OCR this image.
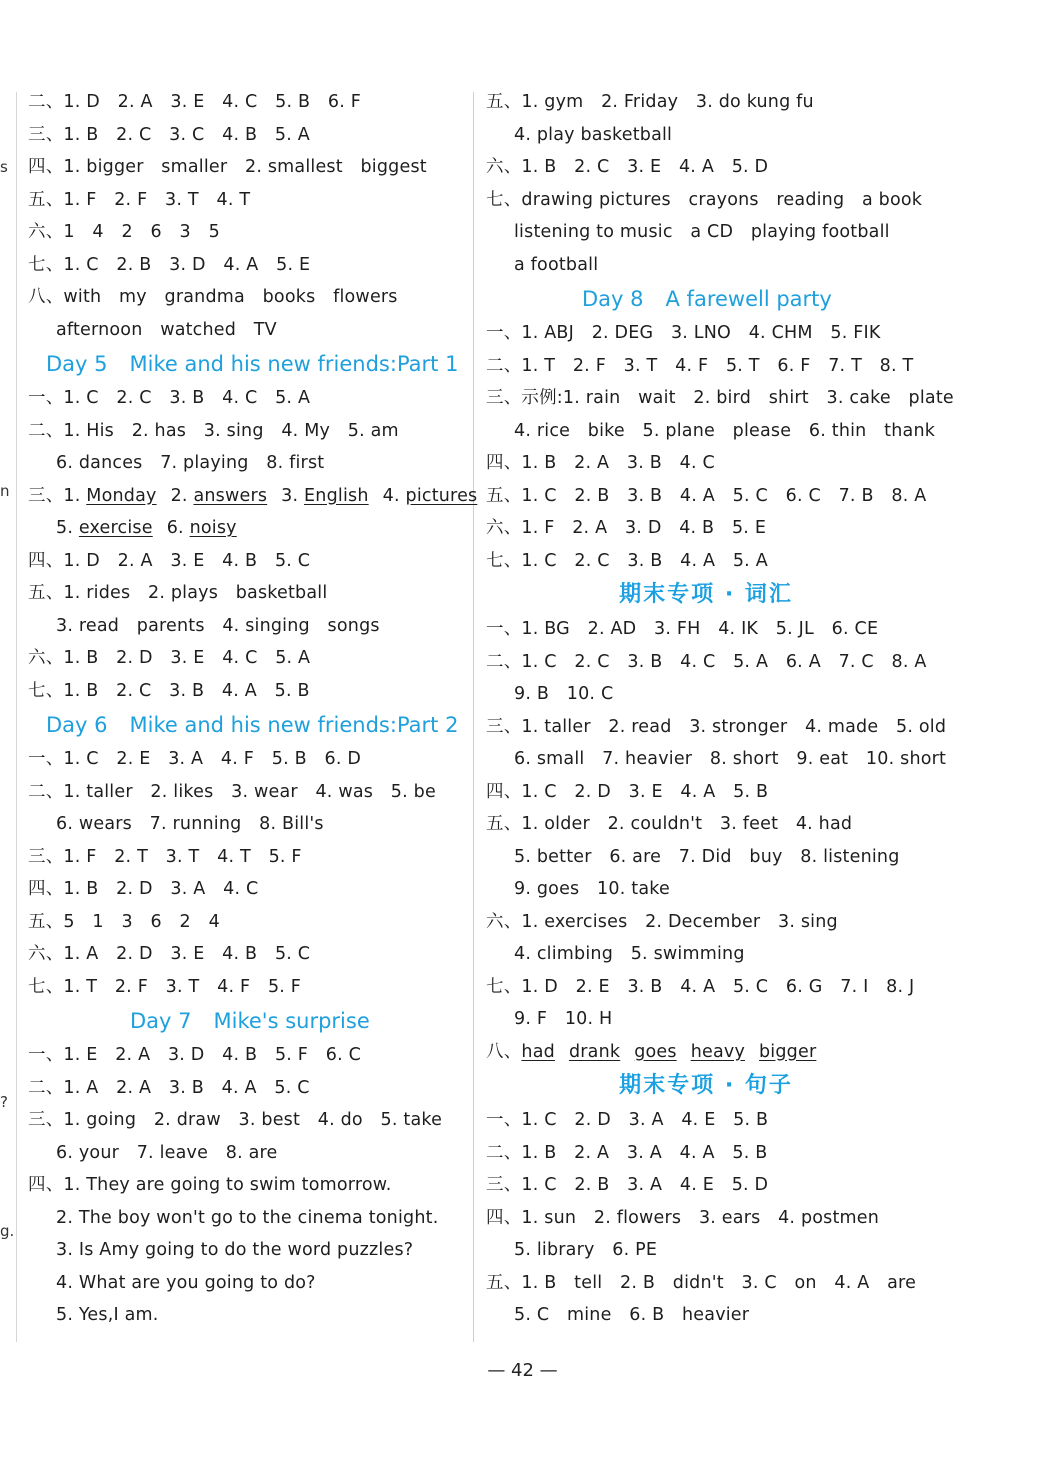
s
n
?
g.
二、1. D　2. A　3. E　4. C　5. B　6. F
三、1. B　2. C　3. C　4. B　5. A
四、1. bigger　smaller　2. smallest　biggest
五、1. F　2. F　3. T　4. T
六、1　4　2　6　3　5
七、1. C　2. B　3. D　4. A　5. E
八、with　my　grandma　books　flowers
afternoon　watched　TV
Day 5 Mike and his new friends:Part 1
一、1. C　2. C　3. B　4. C　5. A
二、1. His　2. has　3. sing　4. My　5. am
6. dances　7. playing　8. first
三、1. Monday 2. answers 3. English 4. pictures
5. exercise 6. noisy
四、1. D　2. A　3. E　4. B　5. C
五、1. rides　2. plays　basketball
3. read　parents　4. singing　songs
六、1. B　2. D　3. E　4. C　5. A
七、1. B　2. C　3. B　4. A　5. B
Day 6 Mike and his new friends:Part 2
一、1. C　2. E　3. A　4. F　5. B　6. D
二、1. taller　2. likes　3. wear　4. was　5. be
6. wears　7. running　8. Bill's
三、1. F　2. T　3. T　4. T　5. F
四、1. B　2. D　3. A　4. C
五、5　1　3　6　2　4
六、1. A　2. D　3. E　4. B　5. C
七、1. T　2. F　3. T　4. F　5. F
Day 7 Mike's surprise
一、1. E　2. A　3. D　4. B　5. F　6. C
二、1. A　2. A　3. B　4. A　5. C
三、1. going　2. draw　3. best　4. do　5. take
6. your　7. leave　8. are
四、1. They are going to swim tomorrow.
2. The boy won't go to the cinema tonight.
3. Is Amy going to do the word puzzles?
4. What are you going to do?
5. Yes,I am.
五、1. gym　2. Friday　3. do kung fu
4. play basketball
六、1. B　2. C　3. E　4. A　5. D
七、drawing pictures　crayons　reading　a book
listening to music　a CD　playing football
a football
Day 8 A farewell party
一、1. ABJ　2. DEG　3. LNO　4. CHM　5. FIK
二、1. T　2. F　3. T　4. F　5. T　6. F　7. T　8. T
三、示例:1. rain　wait　2. bird　shirt　3. cake　plate
4. rice　bike　5. plane　please　6. thin　thank
四、1. B　2. A　3. B　4. C
五、1. C　2. B　3. B　4. A　5. C　6. C　7. B　8. A
六、1. F　2. A　3. D　4. B　5. E
七、1. C　2. C　3. B　4. A　5. A
期末专项 · 词汇
一、1. BG　2. AD　3. FH　4. IK　5. JL　6. CE
二、1. C　2. C　3. B　4. C　5. A　6. A　7. C　8. A
9. B　10. C
三、1. taller　2. read　3. stronger　4. made　5. old
6. small　7. heavier　8. short　9. eat　10. short
四、1. C　2. D　3. E　4. A　5. B
五、1. older　2. couldn't　3. feet　4. had
5. better　6. are　7. Did　buy　8. listening
9. goes　10. take
六、1. exercises　2. December　3. sing
4. climbing　5. swimming
七、1. D　2. E　3. B　4. A　5. C　6. G　7. I　8. J
9. F　10. H
八、had drank goes heavy bigger
期末专项 · 句子
一、1. C　2. D　3. A　4. E　5. B
二、1. B　2. A　3. A　4. A　5. B
三、1. C　2. B　3. A　4. E　5. D
四、1. sun　2. flowers　3. ears　4. postmen
5. library　6. PE
五、1. B　tell　2. B　didn't　3. C　on　4. A　are
5. C　mine　6. B　heavier
— 42 —
